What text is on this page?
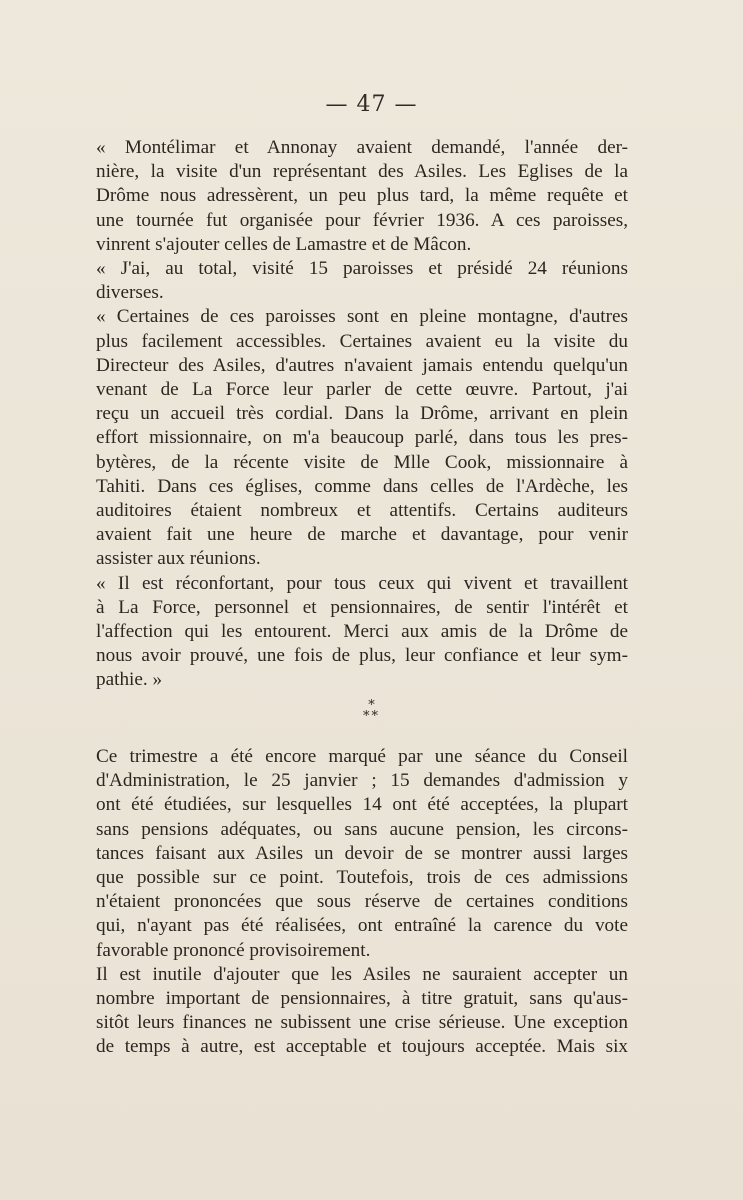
— 47 —
« Montélimar et Annonay avaient demandé, l'année der-
nière, la visite d'un représentant des Asiles. Les Eglises de la
Drôme nous adressèrent, un peu plus tard, la même requête et
une tournée fut organisée pour février 1936. A ces paroisses,
vinrent s'ajouter celles de Lamastre et de Mâcon.
« J'ai, au total, visité 15 paroisses et présidé 24 réunions
diverses.
« Certaines de ces paroisses sont en pleine montagne, d'autres
plus facilement accessibles. Certaines avaient eu la visite du
Directeur des Asiles, d'autres n'avaient jamais entendu quelqu'un
venant de La Force leur parler de cette œuvre. Partout, j'ai
reçu un accueil très cordial. Dans la Drôme, arrivant en plein
effort missionnaire, on m'a beaucoup parlé, dans tous les pres-
bytères, de la récente visite de Mlle Cook, missionnaire à
Tahiti. Dans ces églises, comme dans celles de l'Ardèche, les
auditoires étaient nombreux et attentifs. Certains auditeurs
avaient fait une heure de marche et davantage, pour venir
assister aux réunions.
« Il est réconfortant, pour tous ceux qui vivent et travaillent
à La Force, personnel et pensionnaires, de sentir l'intérêt et
l'affection qui les entourent. Merci aux amis de la Drôme de
nous avoir prouvé, une fois de plus, leur confiance et leur sym-
pathie. »
*
**
Ce trimestre a été encore marqué par une séance du Conseil
d'Administration, le 25 janvier ; 15 demandes d'admission y
ont été étudiées, sur lesquelles 14 ont été acceptées, la plupart
sans pensions adéquates, ou sans aucune pension, les circons-
tances faisant aux Asiles un devoir de se montrer aussi larges
que possible sur ce point. Toutefois, trois de ces admissions
n'étaient prononcées que sous réserve de certaines conditions
qui, n'ayant pas été réalisées, ont entraîné la carence du vote
favorable prononcé provisoirement.
Il est inutile d'ajouter que les Asiles ne sauraient accepter un
nombre important de pensionnaires, à titre gratuit, sans qu'aus-
sitôt leurs finances ne subissent une crise sérieuse. Une exception
de temps à autre, est acceptable et toujours acceptée. Mais six
